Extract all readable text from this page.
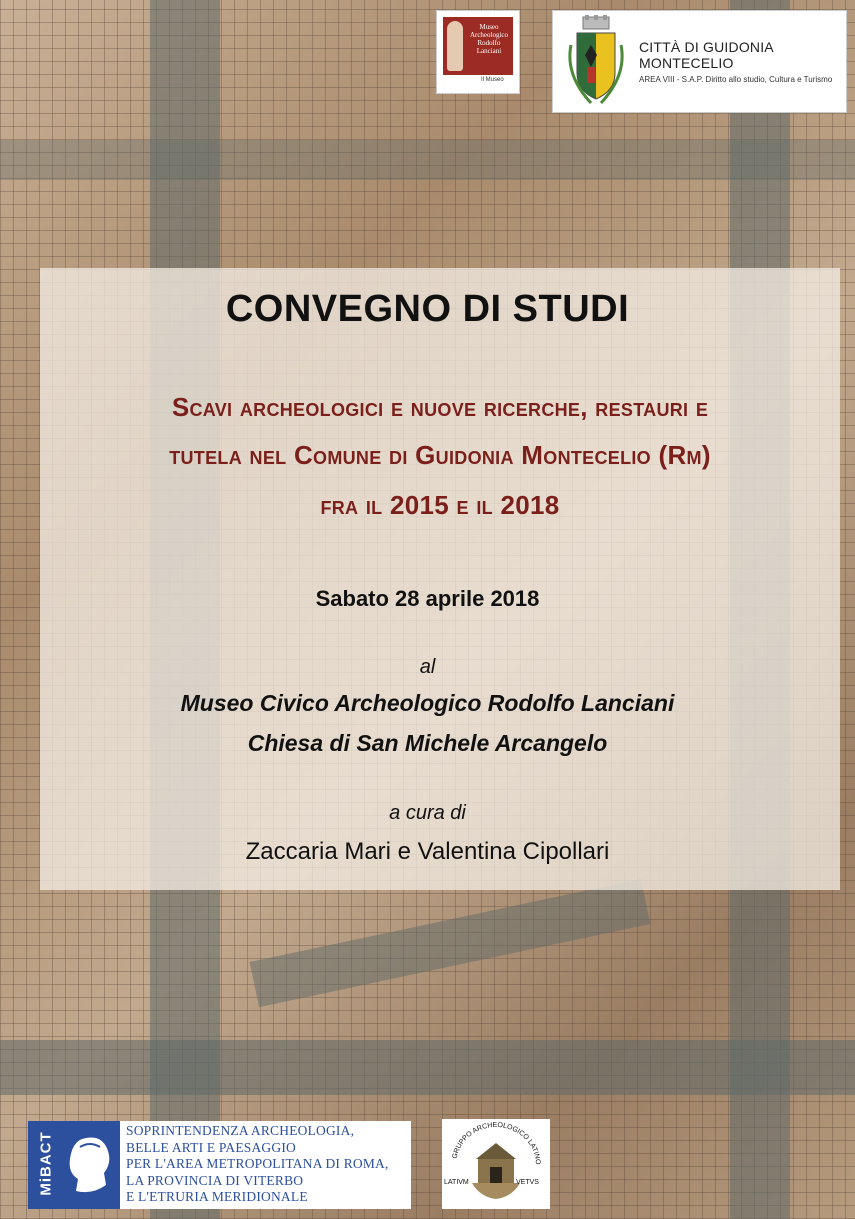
Museo
Archeologico
Rodolfo
Lanciani
Il Museo
CITTÀ DI GUIDONIA MONTECELIO
AREA VIII - S.A.P. Diritto allo studio, Cultura e Turismo
CONVEGNO DI STUDI
Scavi archeologici e nuove ricerche, restauri e
tutela nel Comune di Guidonia Montecelio (Rm)
fra il 2015 e il 2018
Sabato 28 aprile 2018
al
Museo Civico Archeologico Rodolfo Lanciani
Chiesa di San Michele Arcangelo
a cura di
Zaccaria Mari e Valentina Cipollari
MiBACT
SOPRINTENDENZA ARCHEOLOGIA,
BELLE ARTI E PAESAGGIO
PER L'AREA METROPOLITANA DI ROMA,
LA PROVINCIA DI VITERBO
E L'ETRURIA MERIDIONALE
GRUPPO ARCHEOLOGICO LATINO
LATIVM	VETVS
